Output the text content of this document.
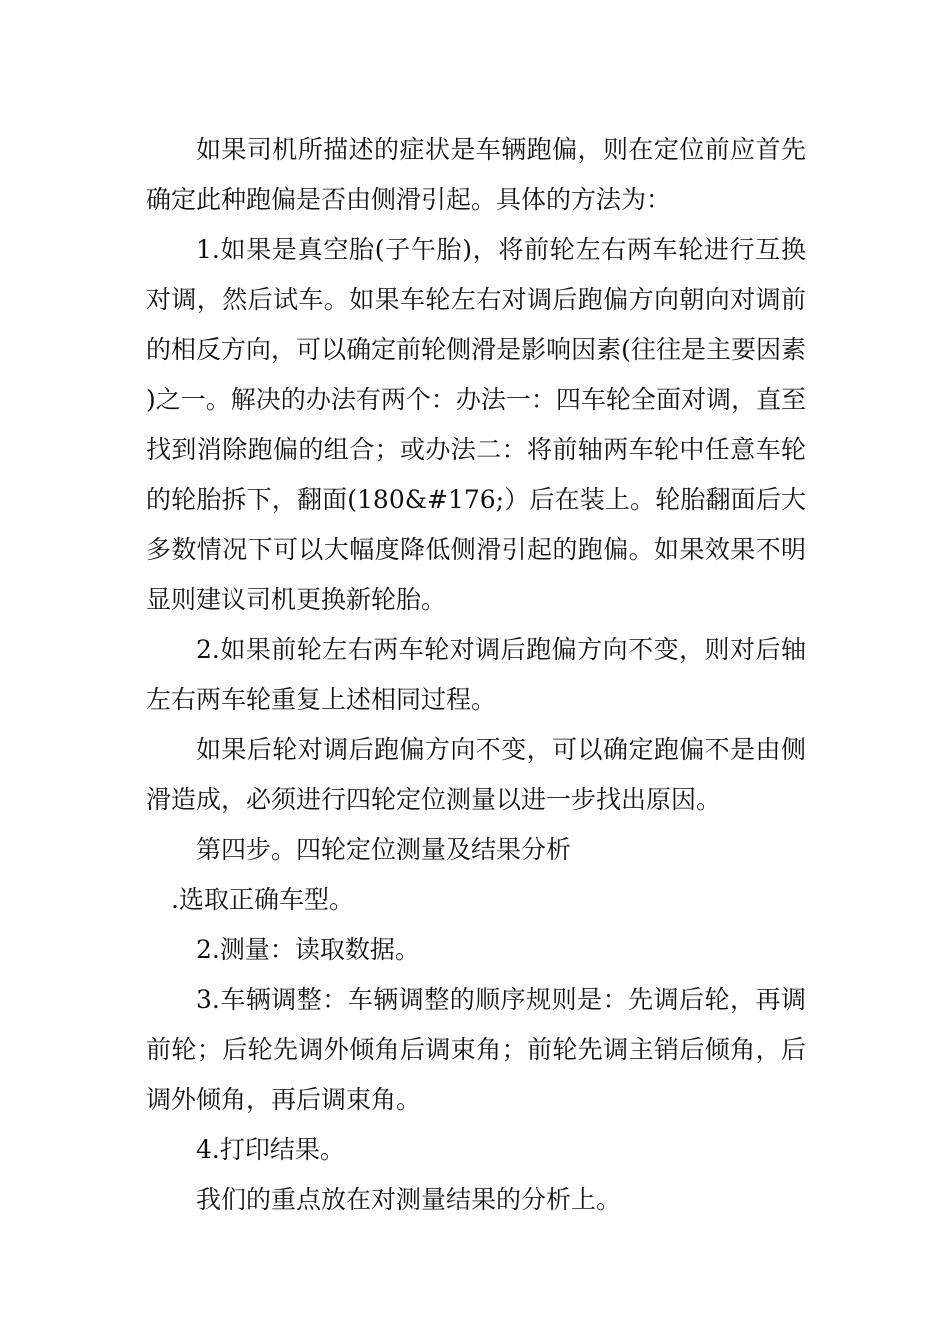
如果司机所描述的症状是车辆跑偏，则在定位前应首先确定此种跑偏是否由侧滑引起。具体的方法为：

1.如果是真空胎(子午胎)，将前轮左右两车轮进行互换对调，然后试车。如果车轮左右对调后跑偏方向朝向对调前的相反方向，可以确定前轮侧滑是影响因素(往往是主要因素)之一。解决的办法有两个：办法一：四车轮全面对调，直至找到消除跑偏的组合；或办法二：将前轴两车轮中任意车轮的轮胎拆下，翻面(180&#176;）后在装上。轮胎翻面后大多数情况下可以大幅度降低侧滑引起的跑偏。如果效果不明显则建议司机更换新轮胎。

2.如果前轮左右两车轮对调后跑偏方向不变，则对后轴左右两车轮重复上述相同过程。

如果后轮对调后跑偏方向不变，可以确定跑偏不是由侧滑造成，必须进行四轮定位测量以进一步找出原因。

第四步。四轮定位测量及结果分析

.选取正确车型。

2.测量：读取数据。

3.车辆调整：车辆调整的顺序规则是：先调后轮，再调前轮；后轮先调外倾角后调束角；前轮先调主销后倾角，后调外倾角，再后调束角。

4.打印结果。

我们的重点放在对测量结果的分析上。
